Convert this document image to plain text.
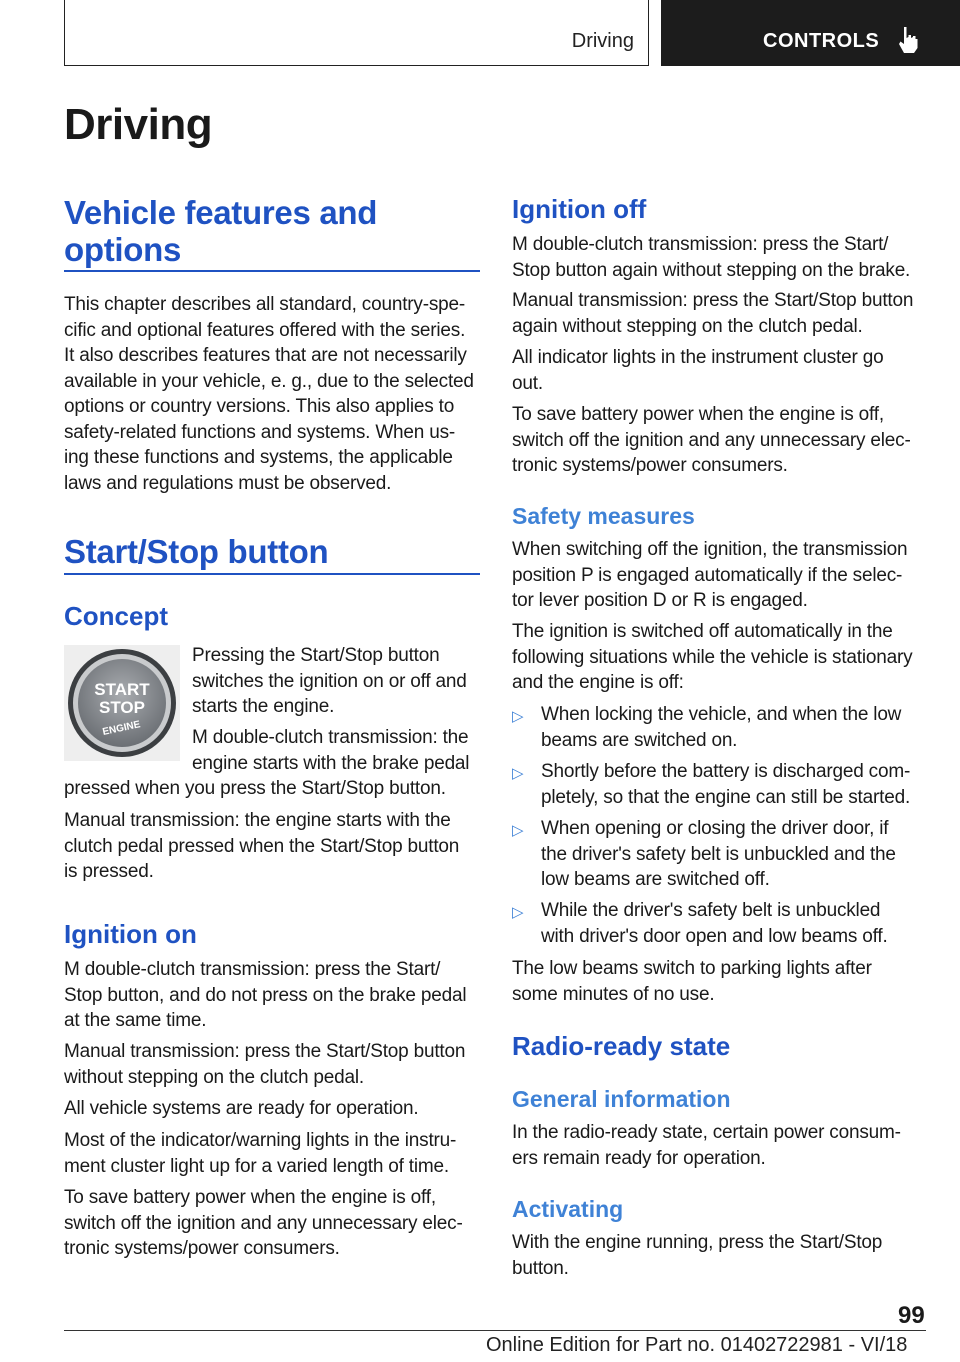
Driving	CONTROLS
Driving
Vehicle features and
options
This chapter describes all standard, country-spe-
cific and optional features offered with the series.
It also describes features that are not necessarily
available in your vehicle, e. g., due to the selected
options or country versions. This also applies to
safety-related functions and systems. When us-
ing these functions and systems, the applicable
laws and regulations must be observed.
Start/Stop button
Concept
START
STOP
ENGINE
Pressing the Start/Stop button
switches the ignition on or off and
starts the engine.
M double-clutch transmission: the
engine starts with the brake pedal
pressed when you press the Start/Stop button.
Manual transmission: the engine starts with the
clutch pedal pressed when the Start/Stop button
is pressed.
Ignition on
M double-clutch transmission: press the Start/
Stop button, and do not press on the brake pedal
at the same time.
Manual transmission: press the Start/Stop button
without stepping on the clutch pedal.
All vehicle systems are ready for operation.
Most of the indicator/warning lights in the instru-
ment cluster light up for a varied length of time.
To save battery power when the engine is off,
switch off the ignition and any unnecessary elec-
tronic systems/power consumers.
Ignition off
M double-clutch transmission: press the Start/
Stop button again without stepping on the brake.
Manual transmission: press the Start/Stop button
again without stepping on the clutch pedal.
All indicator lights in the instrument cluster go
out.
To save battery power when the engine is off,
switch off the ignition and any unnecessary elec-
tronic systems/power consumers.
Safety measures
When switching off the ignition, the transmission
position P is engaged automatically if the selec-
tor lever position D or R is engaged.
The ignition is switched off automatically in the
following situations while the vehicle is stationary
and the engine is off:
▷ When locking the vehicle, and when the low
beams are switched on.
▷ Shortly before the battery is discharged com-
pletely, so that the engine can still be started.
▷ When opening or closing the driver door, if
the driver's safety belt is unbuckled and the
low beams are switched off.
▷ While the driver's safety belt is unbuckled
with driver's door open and low beams off.
The low beams switch to parking lights after
some minutes of no use.
Radio-ready state
General information
In the radio-ready state, certain power consum-
ers remain ready for operation.
Activating
With the engine running, press the Start/Stop
button.
99
Online Edition for Part no. 01402722981 - VI/18
